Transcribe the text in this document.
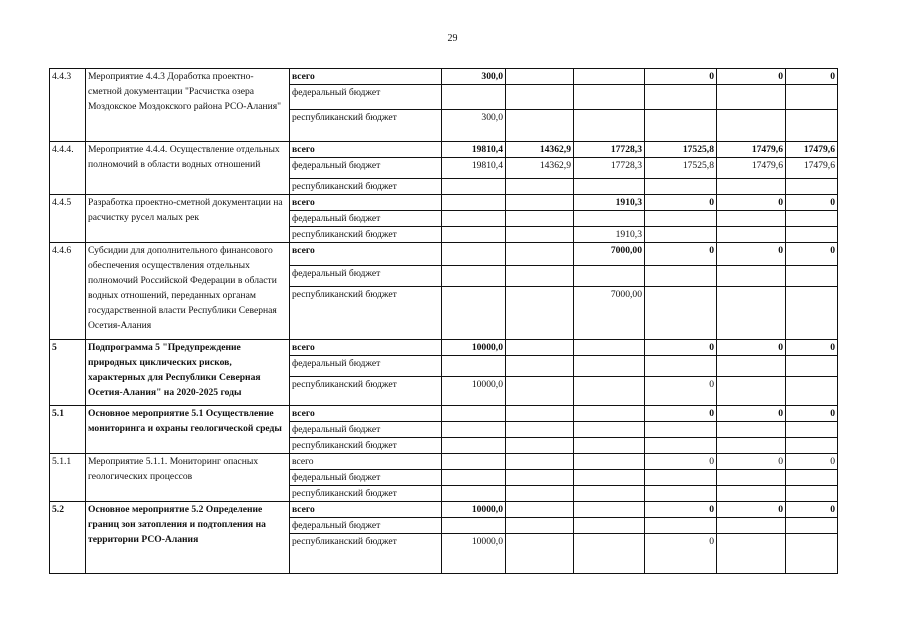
29
4.4.3	Мероприятие 4.4.3 Доработка проектно-сметной документации "Расчистка озера Моздокское Моздокского района РСО-Алания"	всего	300,0			0	0	0
		федеральный бюджет						
		республиканский бюджет	300,0					
4.4.4.	Мероприятие 4.4.4. Осуществление отдельных полномочий в области водных отношений	всего	19810,4	14362,9	17728,3	17525,8	17479,6	17479,6
		федеральный бюджет	19810,4	14362,9	17728,3	17525,8	17479,6	17479,6
		республиканский бюджет						
4.4.5	Разработка проектно-сметной документации на расчистку русел малых рек	всего			1910,3	0	0	0
		федеральный бюджет						
		республиканский бюджет			1910,3			
4.4.6	Субсидии для дополнительного финансового обеспечения осуществления отдельных полномочий Российской Федерации в области водных отношений, переданных органам государственной власти Республики Северная Осетия-Алания	всего			7000,00	0	0	0
		федеральный бюджет						
		республиканский бюджет			7000,00			
5	Подпрограмма 5 "Предупреждение природных циклических рисков, характерных для Республики Северная Осетия-Алания" на 2020-2025 годы	всего	10000,0			0	0	0
		федеральный бюджет						
		республиканский бюджет	10000,0			0		
5.1	Основное мероприятие 5.1 Осуществление мониторинга и охраны геологической среды	всего				0	0	0
		федеральный бюджет						
		республиканский бюджет						
5.1.1	Мероприятие 5.1.1. Мониторинг опасных геологических процессов	всего				0	0	0
		федеральный бюджет						
		республиканский бюджет						
5.2	Основное мероприятие 5.2 Определение границ зон затопления и подтопления на территории РСО-Алания	всего	10000,0			0	0	0
		федеральный бюджет						
		республиканский бюджет	10000,0			0		
